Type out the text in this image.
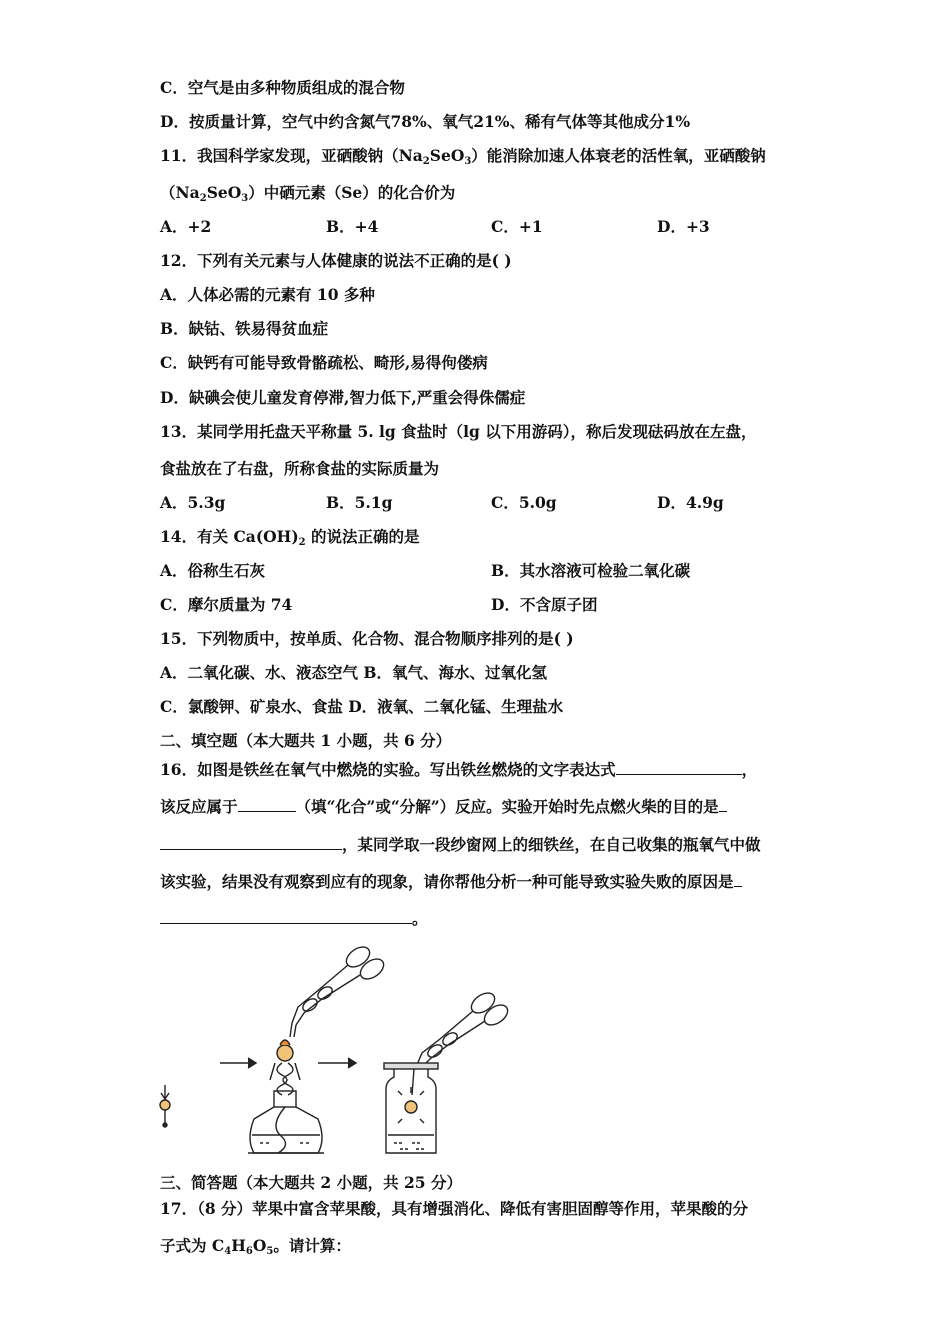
C．空气是由多种物质组成的混合物
D．按质量计算，空气中约含氮气78%、氧气21%、稀有气体等其他成分1%
11．我国科学家发现，亚硒酸钠$(Na_2SeO_3)$能消除加速人体衰老的活性氧，亚硒酸钠
$(Na_2SeO_3)$中硒元素（Se）的化合价为
A．+2	B．+4	C．+1	D．+3
12．下列有关元素与人体健康的说法不正确的是( )
A．人体必需的元素有 10 多种
B．缺钴、铁易得贫血症
C．缺钙有可能导致骨骼疏松、畸形,易得佝偻病
D．缺碘会使儿童发育停滞,智力低下,严重会得侏儒症
13．某同学用托盘天平称量 5. lg 食盐时（lg 以下用游码），称后发现砝码放在左盘，
食盐放在了右盘，所称食盐的实际质量为
A．5.3g	B．5.1g	C．5.0g	D．4.9g
14．有关 $Ca(OH)_2$ 的说法正确的是
A．俗称生石灰	B．其水溶液可检验二氧化碳
C．摩尔质量为 74	D．不含原子团
15．下列物质中，按单质、化合物、混合物顺序排列的是( )
A．二氧化碳、水、液态空气 B．氧气、海水、过氧化氢
C．氯酸钾、矿泉水、食盐 D．液氧、二氧化锰、生理盐水
二、填空题（本大题共 1 小题，共 6 分）
16．如图是铁丝在氧气中燃烧的实验。写出铁丝燃烧的文字表达式	，
该反应属于	（填“化合”或“分解”）反应。实验开始时先点燃火柴的目的是
，某同学取一段纱窗网上的细铁丝，在自己收集的瓶氧气中做
该实验，结果没有观察到应有的现象，请你帮他分析一种可能导致实验失败的原因是
。
三、简答题（本大题共 2 小题，共 25 分）
17．（8 分）苹果中富含苹果酸，具有增强消化、降低有害胆固醇等作用，苹果酸的分
子式为 $C_4H_6O_5$。请计算：
